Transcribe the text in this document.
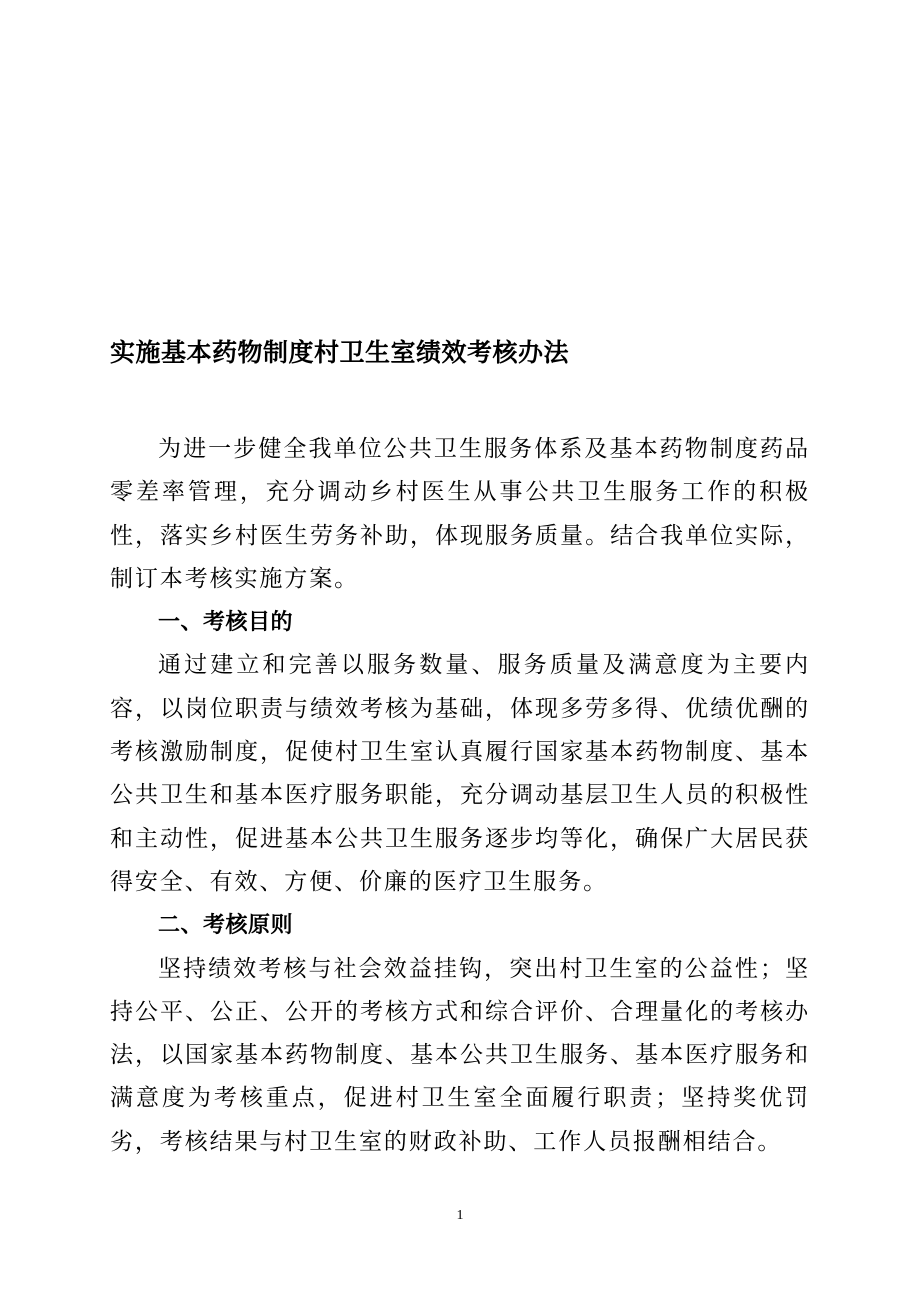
实施基本药物制度村卫生室绩效考核办法

为进一步健全我单位公共卫生服务体系及基本药物制度药品零差率管理，充分调动乡村医生从事公共卫生服务工作的积极性，落实乡村医生劳务补助，体现服务质量。结合我单位实际，制订本考核实施方案。

一、考核目的

通过建立和完善以服务数量、服务质量及满意度为主要内容，以岗位职责与绩效考核为基础，体现多劳多得、优绩优酬的考核激励制度，促使村卫生室认真履行国家基本药物制度、基本公共卫生和基本医疗服务职能，充分调动基层卫生人员的积极性和主动性，促进基本公共卫生服务逐步均等化，确保广大居民获得安全、有效、方便、价廉的医疗卫生服务。

二、考核原则

坚持绩效考核与社会效益挂钩，突出村卫生室的公益性；坚持公平、公正、公开的考核方式和综合评价、合理量化的考核办法，以国家基本药物制度、基本公共卫生服务、基本医疗服务和满意度为考核重点，促进村卫生室全面履行职责；坚持奖优罚劣，考核结果与村卫生室的财政补助、工作人员报酬相结合。

1
